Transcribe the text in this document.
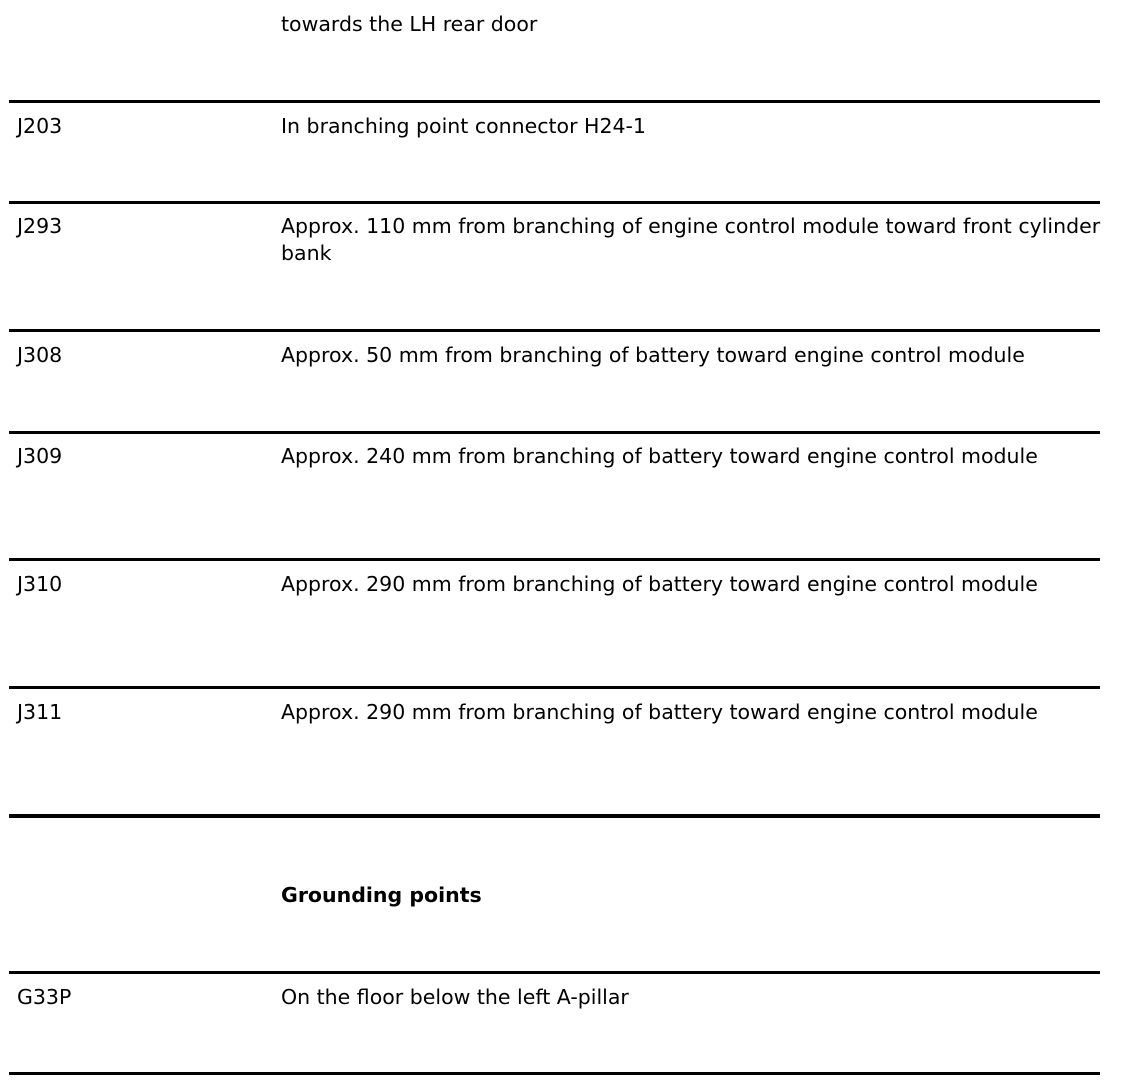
towards the LH rear door
J203	In branching point connector H24-1
J293	Approx. 110 mm from branching of engine control module toward front cylinder bank
J308	Approx. 50 mm from branching of battery toward engine control module
J309	Approx. 240 mm from branching of battery toward engine control module
J310	Approx. 290 mm from branching of battery toward engine control module
J311	Approx. 290 mm from branching of battery toward engine control module
Grounding points
G33P	On the floor below the left A-pillar
